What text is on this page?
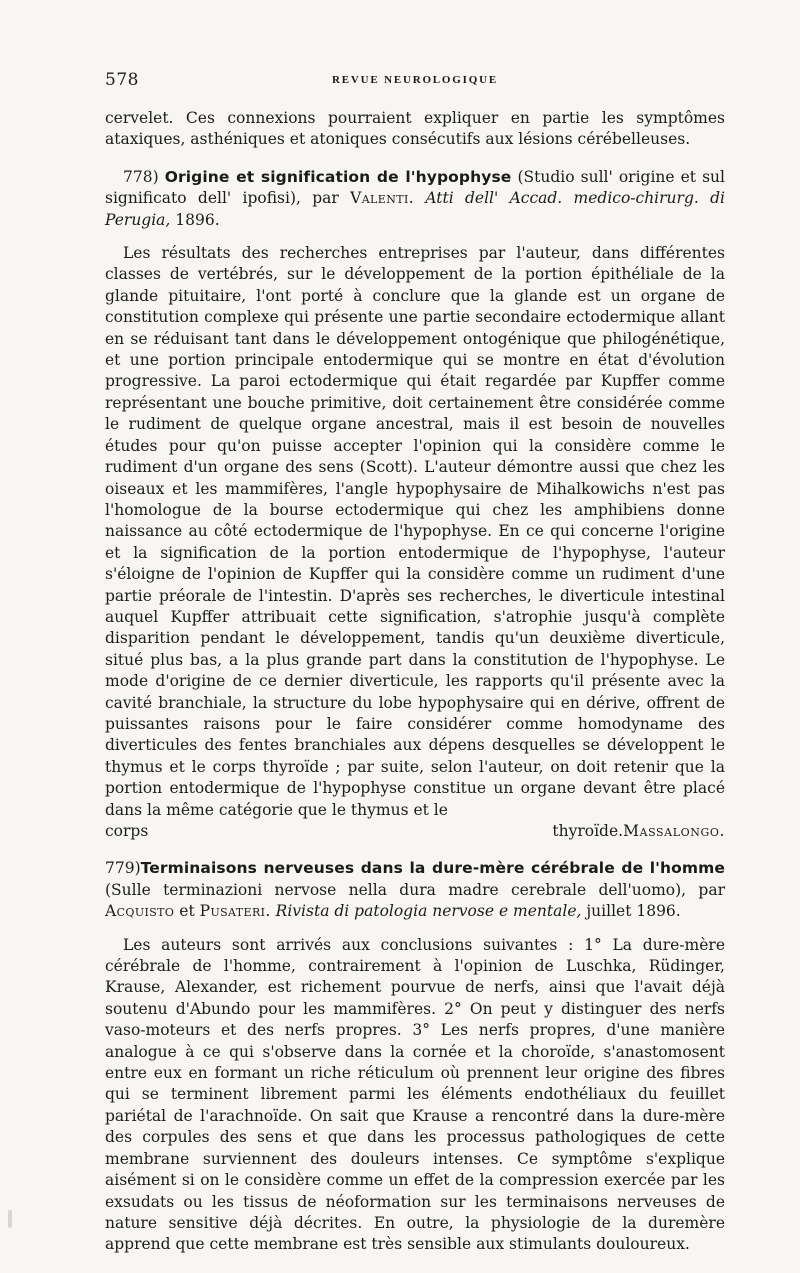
578	REVUE NEUROLOGIQUE

cervelet. Ces connexions pourraient expliquer en partie les symptômes ataxiques, asthéniques et atoniques consécutifs aux lésions cérébelleuses.

778) Origine et signification de l'hypophyse (Studio sull' origine et sul significato dell' ipofisi), par Valenti. Atti dell' Accad. medico-chirurg. di Perugia, 1896.

Les résultats des recherches entreprises par l'auteur, dans différentes classes de vertébrés, sur le développement de la portion épithéliale de la glande pituitaire, l'ont porté à conclure que la glande est un organe de constitution complexe qui présente une partie secondaire ectodermique allant en se réduisant tant dans le développement ontogénique que philogénétique, et une portion principale entodermique qui se montre en état d'évolution progressive. La paroi ectodermique qui était regardée par Kupffer comme représentant une bouche primitive, doit certainement être considérée comme le rudiment de quelque organe ancestral, mais il est besoin de nouvelles études pour qu'on puisse accepter l'opinion qui la considère comme le rudiment d'un organe des sens (Scott). L'auteur démontre aussi que chez les oiseaux et les mammifères, l'angle hypophysaire de Mihalkowichs n'est pas l'homologue de la bourse ectodermique qui chez les amphibiens donne naissance au côté ectodermique de l'hypophyse. En ce qui concerne l'origine et la signification de la portion entodermique de l'hypophyse, l'auteur s'éloigne de l'opinion de Kupffer qui la considère comme un rudiment d'une partie préorale de l'intestin. D'après ses recherches, le diverticule intestinal auquel Kupffer attribuait cette signification, s'atrophie jusqu'à complète disparition pendant le développement, tandis qu'un deuxième diverticule, situé plus bas, a la plus grande part dans la constitution de l'hypophyse. Le mode d'origine de ce dernier diverticule, les rapports qu'il présente avec la cavité branchiale, la structure du lobe hypophysaire qui en dérive, offrent de puissantes raisons pour le faire considérer comme homodyname des diverticules des fentes branchiales aux dépens desquelles se développent le thymus et le corps thyroïde ; par suite, selon l'auteur, on doit retenir que la portion entodermique de l'hypophyse constitue un organe devant être placé dans la même catégorie que le thymus et le

corps thyroïde. Massalongo.

779)Terminaisons nerveuses dans la dure-mère cérébrale de l'homme (Sulle terminazioni nervose nella dura madre cerebrale dell'uomo), par Acquisto et Pusateri. Rivista di patologia nervose e mentale, juillet 1896.

Les auteurs sont arrivés aux conclusions suivantes : 1° La dure-mère cérébrale de l'homme, contrairement à l'opinion de Luschka, Rüdinger, Krause, Alexander, est richement pourvue de nerfs, ainsi que l'avait déjà soutenu d'Abundo pour les mammifères. 2° On peut y distinguer des nerfs vaso-moteurs et des nerfs propres. 3° Les nerfs propres, d'une manière analogue à ce qui s'observe dans la cornée et la choroïde, s'anastomosent entre eux en formant un riche réticulum où prennent leur origine des fibres qui se terminent librement parmi les éléments endothéliaux du feuillet pariétal de l'arachnoïde. On sait que Krause a rencontré dans la dure-mère des corpules des sens et que dans les processus pathologiques de cette membrane surviennent des douleurs intenses. Ce symptôme s'explique aisément si on le considère comme un effet de la compression exercée par les exsudats ou les tissus de néoformation sur les terminaisons nerveuses de nature sensitive déjà décrites. En outre, la physiologie de la duremère apprend que cette membrane est très sensible aux stimulants douloureux.
